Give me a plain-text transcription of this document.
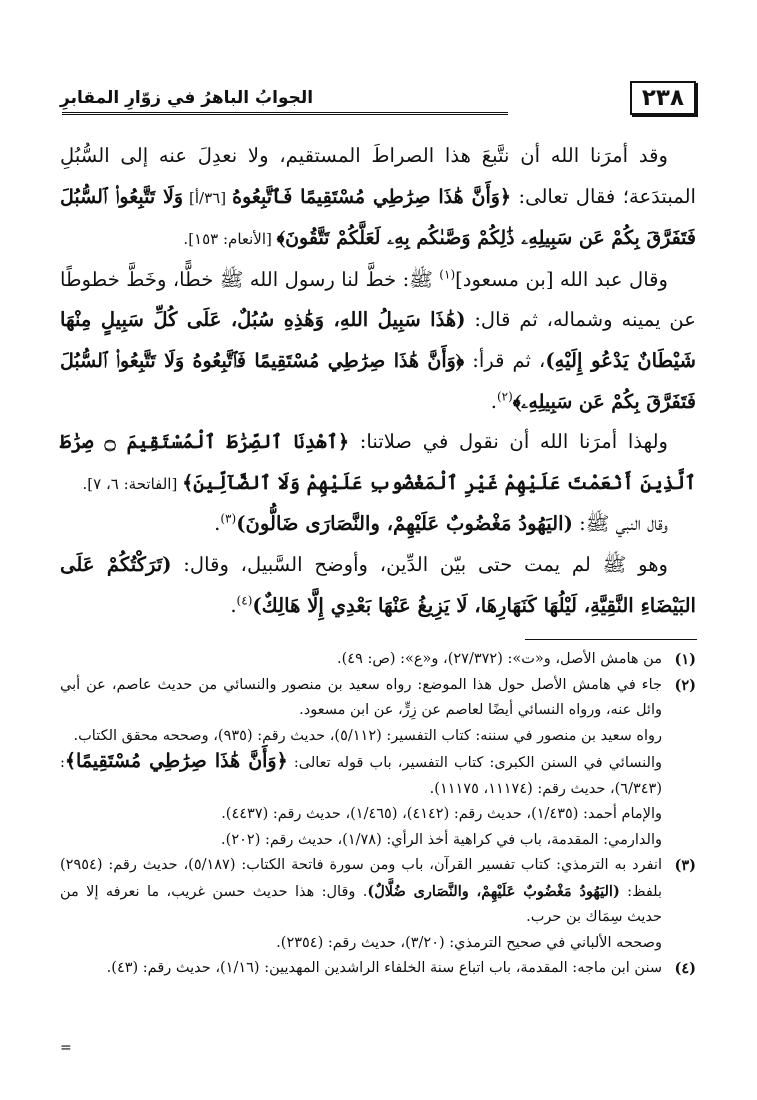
٢٣٨
الجوابُ الباهرُ في زوّارِ المقابرِ

وقد أمرَنا الله أن نتَّبعَ هذا الصراطَ المستقيم، ولا نعدِلَ عنه إلى السُّبُلِ المبتدَعة؛ فقال تعالى: ﴿وَأَنَّ هَٰذَا صِرَٰطِي مُسْتَقِيمًا فَٱتَّبِعُوهُ [٣٦/أ] وَلَا تَتَّبِعُوا۟ ٱلسُّبُلَ فَتَفَرَّقَ بِكُمْ عَن سَبِيلِهِۦ ذَٰلِكُمْ وَصَّىٰكُم بِهِۦ لَعَلَّكُمْ تَتَّقُونَ﴾ [الأنعام: ١٥٣].

وقال عبد الله [بن مسعود]$^{(١)}$ ﷺ: خطَّ لنا رسول الله ﷺ خطًّا، وخَطَّ خطوطًا عن يمينه وشماله، ثم قال: (هَٰذَا سَبِيلُ اللهِ، وَهَٰذِهِ سُبُلٌ، عَلَى كُلِّ سَبِيلٍ مِنْهَا شَيْطَانٌ يَدْعُو إِلَيْهِ)، ثم قرأ: ﴿وَأَنَّ هَٰذَا صِرَٰطِي مُسْتَقِيمًا فَٱتَّبِعُوهُ وَلَا تَتَّبِعُوا۟ ٱلسُّبُلَ فَتَفَرَّقَ بِكُمْ عَن سَبِيلِهِۦ﴾$^{(٢)}$.

ولهذا أمرَنا الله أن نقول في صلاتنا: ﴿ٱهْدِنَا ٱلصِّرَٰطَ ٱلْمُسْتَقِيمَ ۝ صِرَٰطَ ٱلَّذِينَ أَنْعَمْتَ عَلَيْهِمْ غَيْرِ ٱلْمَغْضُوبِ عَلَيْهِمْ وَلَا ٱلضَّآلِّينَ﴾ [الفاتحة: ٦، ٧].

وقال النبي ﷺ: (اليَهُودُ مَغْضُوبٌ عَلَيْهِمْ، والنَّصَارَى ضَالُّونَ)$^{(٣)}$.

وهو ﷺ لم يمت حتى بيّن الدِّين، وأوضح السَّبيل، وقال: (تَرَكْتُكُمْ عَلَى البَيْضَاءِ النَّقِيَّةِ، لَيْلُهَا كَنَهَارِهَا، لَا يَزِيغُ عَنْهَا بَعْدِي إِلَّا هَالِكٌ)$^{(٤)}$.

(١)

من هامش الأصل، و«ت»: (٢٧/٣٧٢)، و«ع»: (ص: ٤٩).

(٢)

جاء في هامش الأصل حول هذا الموضع: رواه سعيد بن منصور والنسائي من حديث عاصم، عن أبي وائل عنه، ورواه النسائي أيضًا لعاصم عن زِرٍّ، عن ابن مسعود.

رواه سعيد بن منصور في سننه: كتاب التفسير: (٥/١١٢)، حديث رقم: (٩٣٥)، وصححه محقق الكتاب.

والنسائي في السنن الكبرى: كتاب التفسير، باب قوله تعالى: ﴿وَأَنَّ هَٰذَا صِرَٰطِي مُسْتَقِيمًا﴾: (٦/٣٤٣)، حديث رقم: (١١١٧٤، ١١١٧٥).

والإمام أحمد: (١/٤٣٥)، حديث رقم: (٤١٤٢)، (١/٤٦٥)، حديث رقم: (٤٤٣٧).

والدارمي: المقدمة، باب في كراهية أخذ الرأي: (١/٧٨)، حديث رقم: (٢٠٢).

(٣)

انفرد به الترمذي: كتاب تفسير القرآن، باب ومن سورة فاتحة الكتاب: (٥/١٨٧)، حديث رقم: (٢٩٥٤) بلفظ: (اليَهُودُ مَغْضُوبٌ عَلَيْهِمْ، والنَّصَارى ضُلَّالٌ). وقال: هذا حديث حسن غريب، ما نعرفه إلا من حديث سِمَاك بن حرب.

وصححه الألباني في صحيح الترمذي: (٣/٢٠)، حديث رقم: (٢٣٥٤).

(٤)

سنن ابن ماجه: المقدمة، باب اتباع سنة الخلفاء الراشدين المهديين: (١/١٦)، حديث رقم: (٤٣).

=
